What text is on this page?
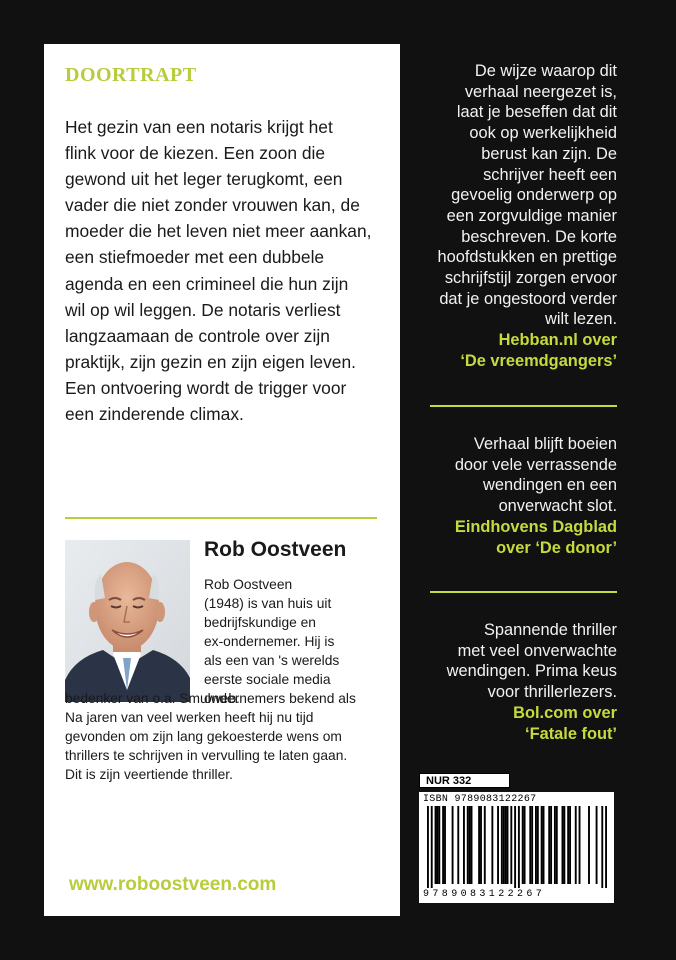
DOORTRAPT
Het gezin van een notaris krijgt het
flink voor de kiezen. Een zoon die
gewond uit het leger terugkomt, een
vader die niet zonder vrouwen kan, de
moeder die het leven niet meer aankan,
een stiefmoeder met een dubbele
agenda en een crimineel die hun zijn
wil op wil leggen. De notaris verliest
langzaamaan de controle over zijn
praktijk, zijn gezin en zijn eigen leven.
Een ontvoering wordt de trigger voor
een zinderende climax.
Rob Oostveen
Rob Oostveen
(1948) is van huis uit
bedrijfskundige en
ex-ondernemer. Hij is
als een van 's werelds
eerste sociale media
ondernemers bekend als
bedenker van o.a. Smulweb.
Na jaren van veel werken heeft hij nu tijd
gevonden om zijn lang gekoesterde wens om
thrillers te schrijven in vervulling te laten gaan.
Dit is zijn veertiende thriller.
www.roboostveen.com
De wijze waarop dit
verhaal neergezet is,
laat je beseffen dat dit
ook op werkelijkheid
berust kan zijn. De
schrijver heeft een
gevoelig onderwerp op
een zorgvuldige manier
beschreven. De korte
hoofdstukken en prettige
schrijfstijl zorgen ervoor
dat je ongestoord verder
wilt lezen.
Hebban.nl over
‘De vreemdgangers’
Verhaal blijft boeien
door vele verrassende
wendingen en een
onverwacht slot.
Eindhovens Dagblad
over ‘De donor’
Spannende thriller
met veel onverwachte
wendingen. Prima keus
voor thrillerlezers.
Bol.com over
‘Fatale fout’
NUR 332
ISBN 9789083122267
9789083122267
